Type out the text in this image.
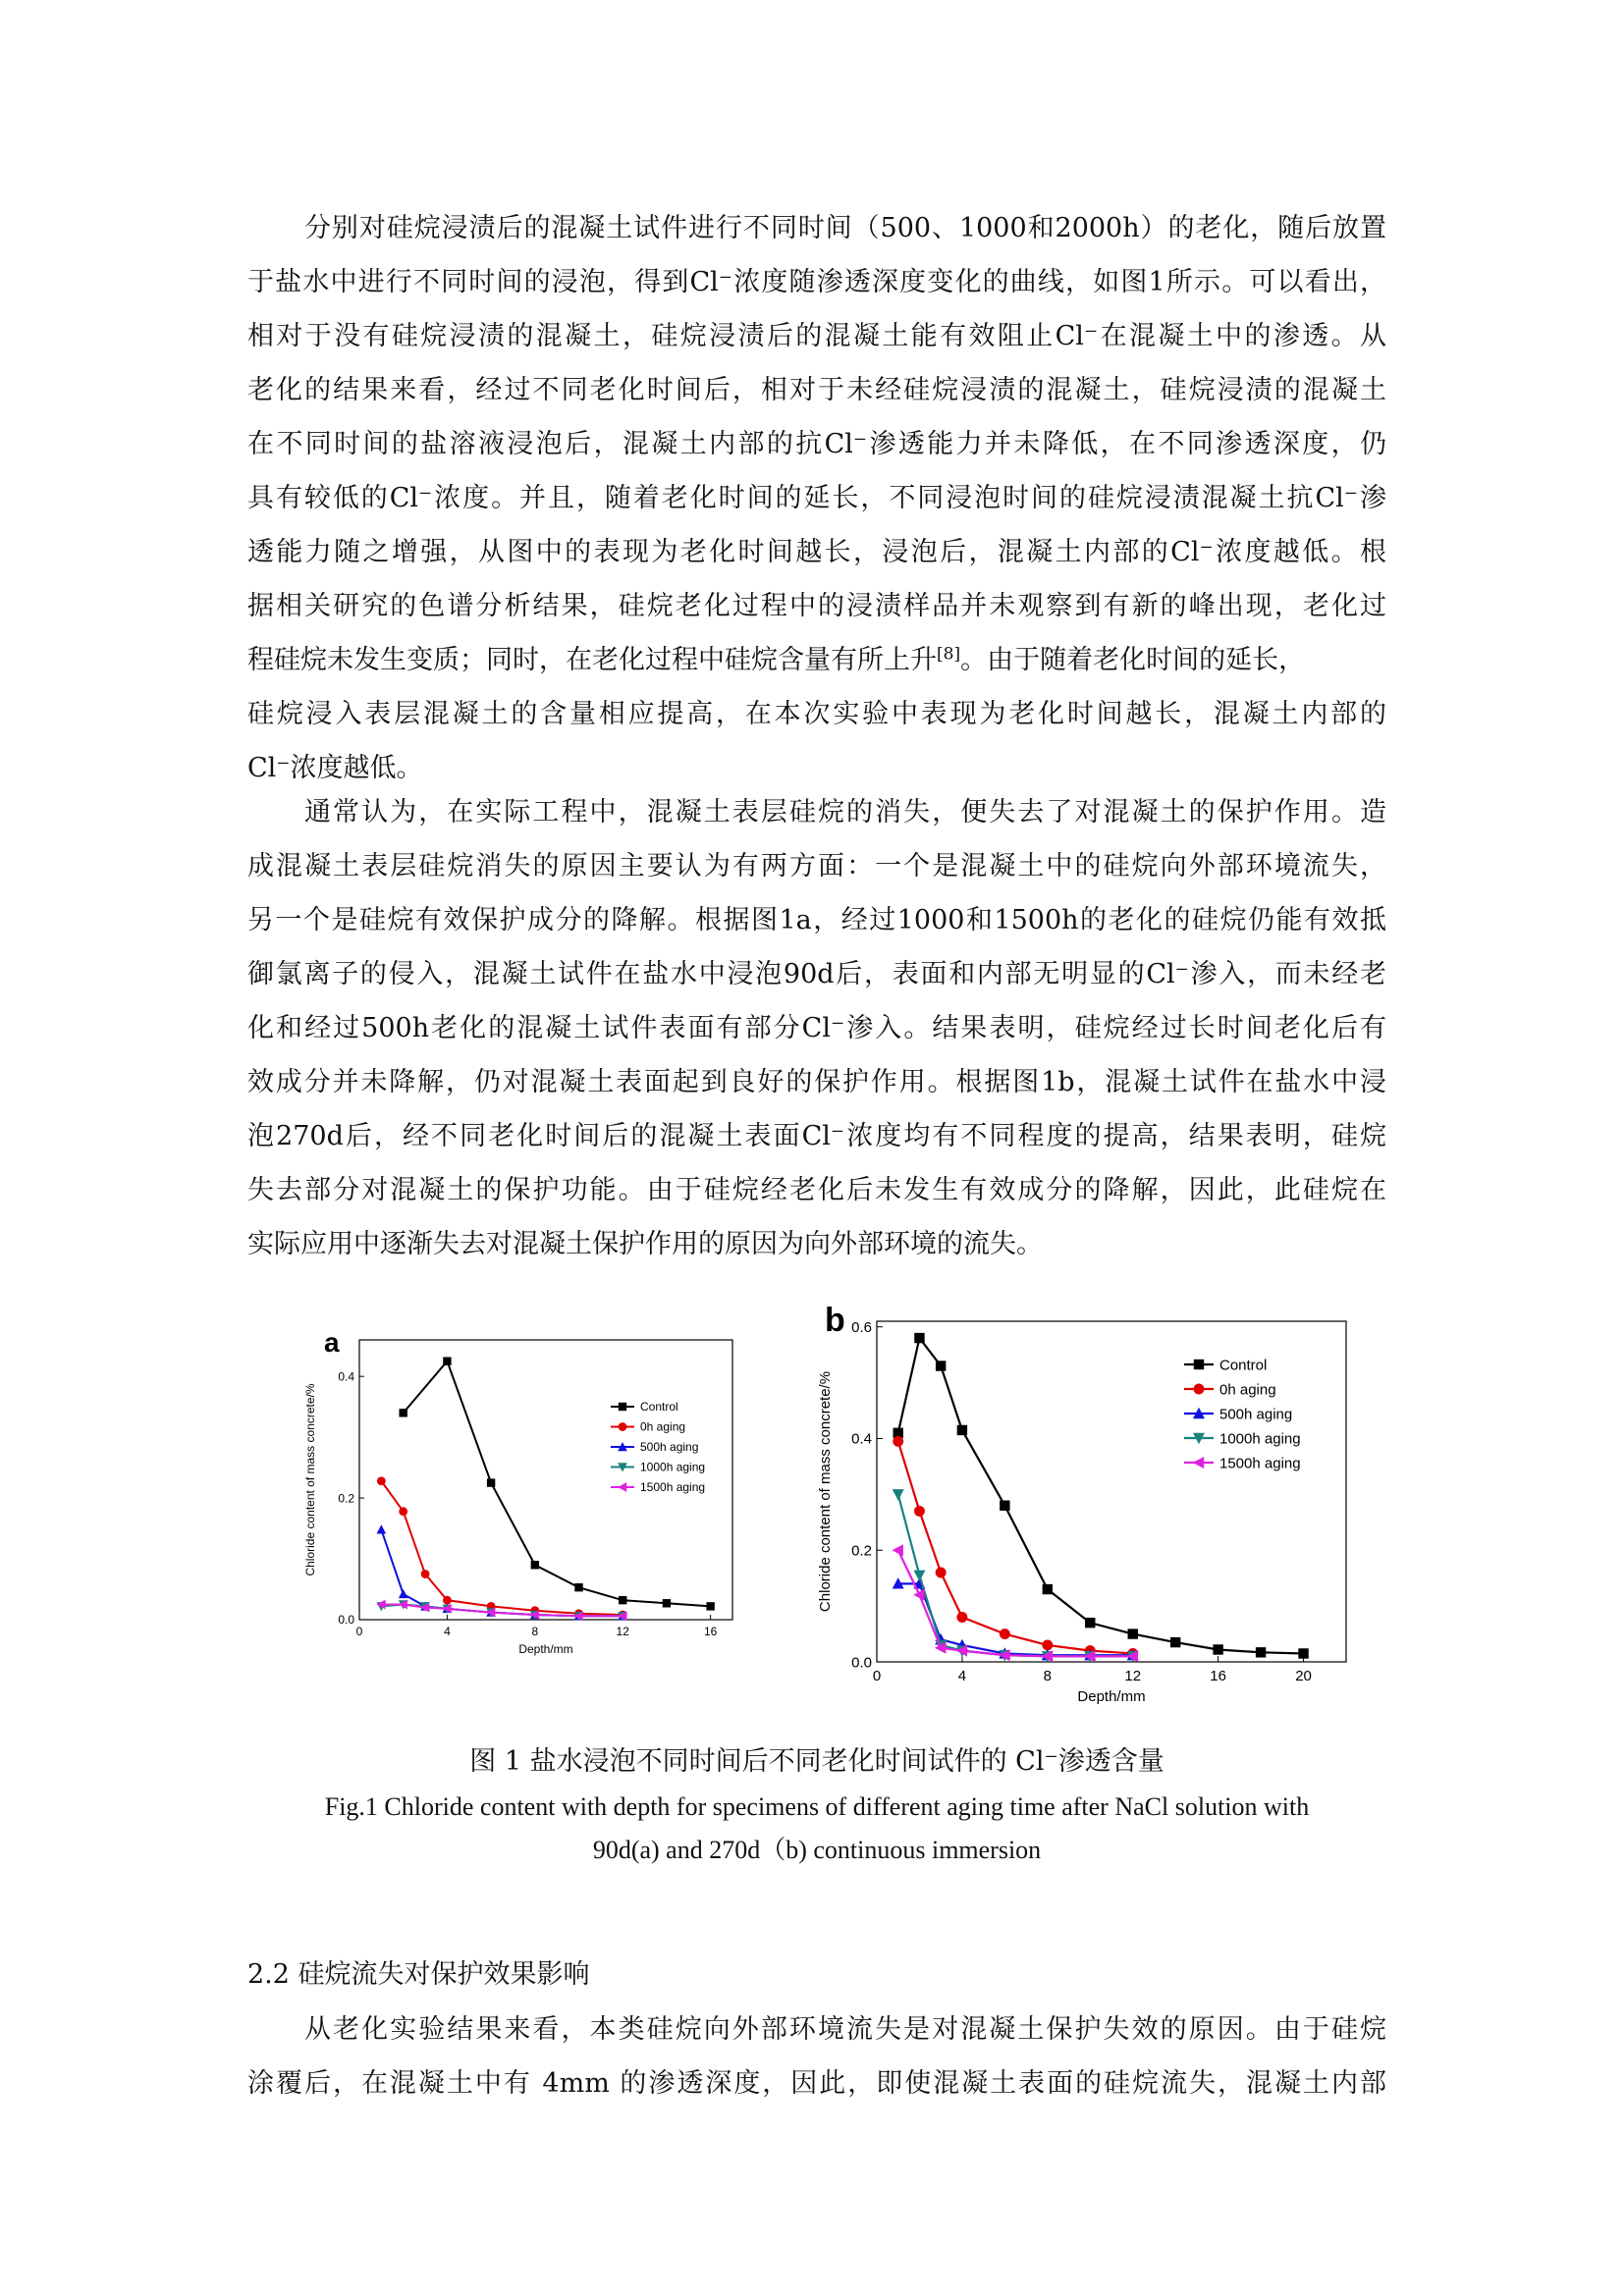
分别对硅烷浸渍后的混凝土试件进行不同时间（500、1000和2000h）的老化，随后放置
于盐水中进行不同时间的浸泡，得到Cl⁻浓度随渗透深度变化的曲线，如图1所示。可以看出，
相对于没有硅烷浸渍的混凝土，硅烷浸渍后的混凝土能有效阻止Cl⁻在混凝土中的渗透。从
老化的结果来看，经过不同老化时间后，相对于未经硅烷浸渍的混凝土，硅烷浸渍的混凝土
在不同时间的盐溶液浸泡后，混凝土内部的抗Cl⁻渗透能力并未降低，在不同渗透深度，仍
具有较低的Cl⁻浓度。并且，随着老化时间的延长，不同浸泡时间的硅烷浸渍混凝土抗Cl⁻渗
透能力随之增强，从图中的表现为老化时间越长，浸泡后，混凝土内部的Cl⁻浓度越低。根
据相关研究的色谱分析结果，硅烷老化过程中的浸渍样品并未观察到有新的峰出现，老化过
程硅烷未发生变质；同时，在老化过程中硅烷含量有所上升[8]。由于随着老化时间的延长，
硅烷浸入表层混凝土的含量相应提高，在本次实验中表现为老化时间越长，混凝土内部的
Cl⁻浓度越低。
通常认为，在实际工程中，混凝土表层硅烷的消失，便失去了对混凝土的保护作用。造
成混凝土表层硅烷消失的原因主要认为有两方面：一个是混凝土中的硅烷向外部环境流失，
另一个是硅烷有效保护成分的降解。根据图1a，经过1000和1500h的老化的硅烷仍能有效抵
御氯离子的侵入，混凝土试件在盐水中浸泡90d后，表面和内部无明显的Cl⁻渗入，而未经老
化和经过500h老化的混凝土试件表面有部分Cl⁻渗入。结果表明，硅烷经过长时间老化后有
效成分并未降解，仍对混凝土表面起到良好的保护作用。根据图1b，混凝土试件在盐水中浸
泡270d后，经不同老化时间后的混凝土表面Cl⁻浓度均有不同程度的提高，结果表明，硅烷
失去部分对混凝土的保护功能。由于硅烷经老化后未发生有效成分的降解，因此，此硅烷在
实际应用中逐渐失去对混凝土保护作用的原因为向外部环境的流失。
0	4	8	12	16
0.0
0.2
0.4
Depth/mm
Chloride content of mass concrete/%
a
Control
0h aging
500h aging
1000h aging
1500h aging
0	4	8	12	16	20
0.0
0.2
0.4
0.6
Depth/mm
Chloride content of mass concrete/%
b
Control
0h aging
500h aging
1000h aging
1500h aging

图 1 盐水浸泡不同时间后不同老化时间试件的 Cl⁻渗透含量

Fig.1 Chloride content with depth for specimens of different aging time after NaCl solution with

90d(a) and 270d（b) continuous immersion

2.2 硅烷流失对保护效果影响
从老化实验结果来看，本类硅烷向外部环境流失是对混凝土保护失效的原因。由于硅烷
涂覆后，在混凝土中有 4mm 的渗透深度，因此，即使混凝土表面的硅烷流失，混凝土内部
